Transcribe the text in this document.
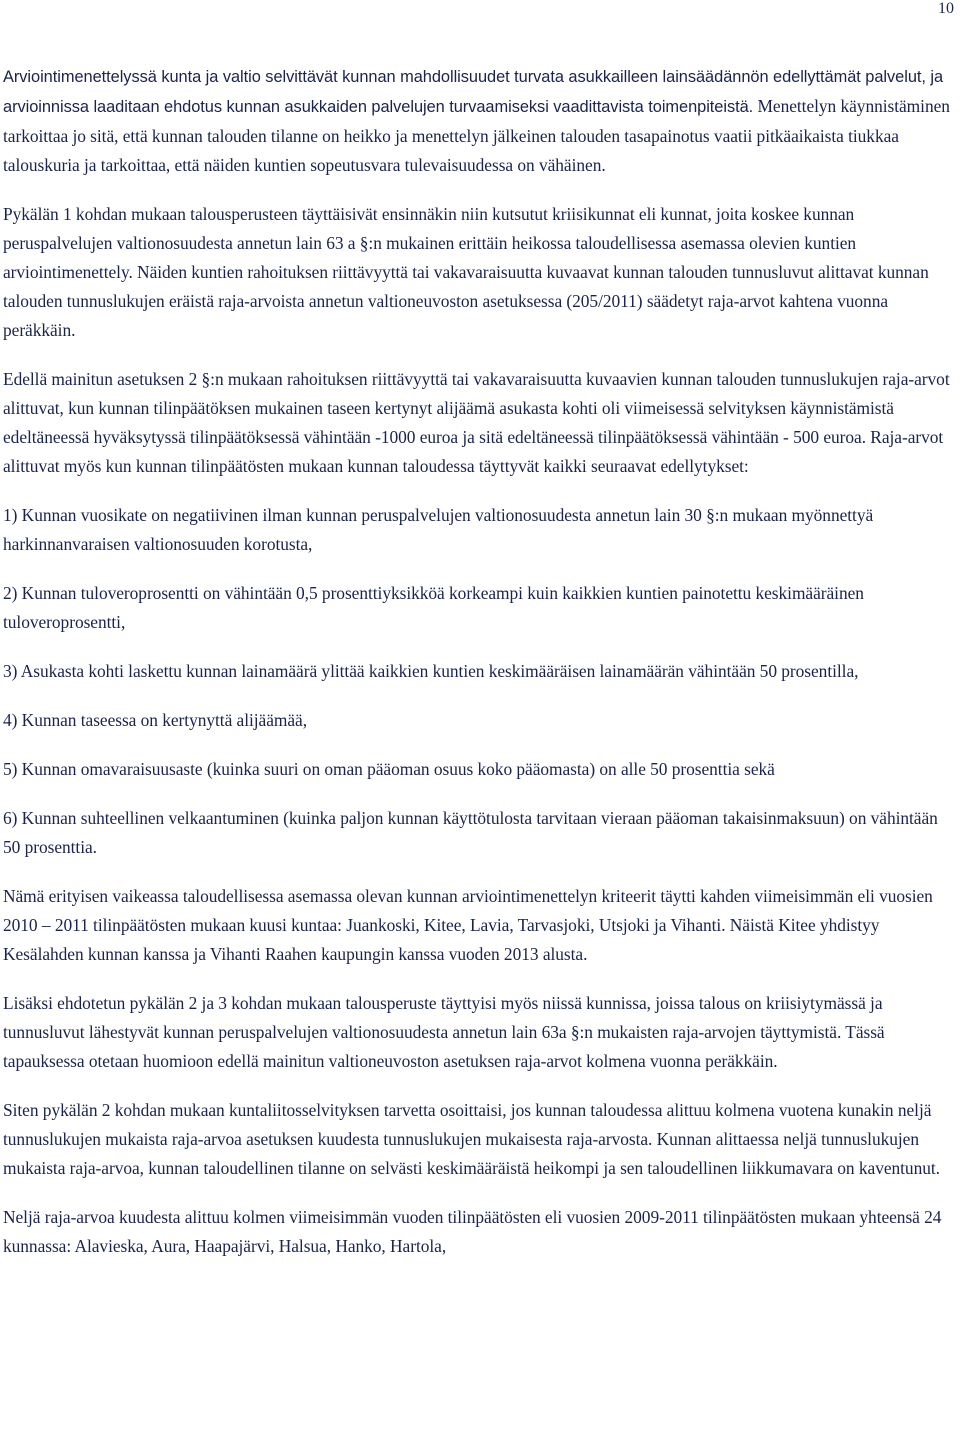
10

Arviointimenettelyssä kunta ja valtio selvittävät kunnan mahdollisuudet turvata asukkailleen lainsäädännön edellyttämät palvelut, ja arvioinnissa laaditaan ehdotus kunnan asukkaiden palvelujen turvaamiseksi vaadittavista toimenpiteistä. Menettelyn käynnistäminen tarkoittaa jo sitä, että kunnan talouden tilanne on heikko ja menettelyn jälkeinen talouden tasapainotus vaatii pitkäaikaista tiukkaa talouskuria ja tarkoittaa, että näiden kuntien sopeutusvara tulevaisuudessa on vähäinen.

Pykälän 1 kohdan mukaan talousperusteen täyttäisivät ensinnäkin niin kutsutut kriisikunnat eli kunnat, joita koskee kunnan peruspalvelujen valtionosuudesta annetun lain 63 a §:n mukainen erittäin heikossa taloudellisessa asemassa olevien kuntien arviointimenettely. Näiden kuntien rahoituksen riittävyyttä tai vakavaraisuutta kuvaavat kunnan talouden tunnusluvut alittavat kunnan talouden tunnuslukujen eräistä raja-arvoista annetun valtioneuvoston asetuksessa (205/2011) säädetyt raja-arvot kahtena vuonna peräkkäin.

Edellä mainitun asetuksen 2 §:n mukaan rahoituksen riittävyyttä tai vakavaraisuutta kuvaavien kunnan talouden tunnuslukujen raja-arvot alittuvat, kun kunnan tilinpäätöksen mukainen taseen kertynyt alijäämä asukasta kohti oli viimeisessä selvityksen käynnistämistä edeltäneessä hyväksytyssä tilinpäätöksessä vähintään -1000 euroa ja sitä edeltäneessä tilinpäätöksessä vähintään - 500 euroa. Raja-arvot alittuvat myös kun kunnan tilinpäätösten mukaan kunnan taloudessa täyttyvät kaikki seuraavat edellytykset:

1) Kunnan vuosikate on negatiivinen ilman kunnan peruspalvelujen valtionosuudesta annetun lain 30 §:n mukaan myönnettyä harkinnanvaraisen valtionosuuden korotusta,

2) Kunnan tuloveroprosentti on vähintään 0,5 prosenttiyksikköä korkeampi kuin kaikkien kuntien painotettu keskimääräinen tuloveroprosentti,

3) Asukasta kohti laskettu kunnan lainamäärä ylittää kaikkien kuntien keskimääräisen lainamäärän vähintään 50 prosentilla,

4) Kunnan taseessa on kertynyttä alijäämää,

5) Kunnan omavaraisuusaste (kuinka suuri on oman pääoman osuus koko pääomasta) on alle 50 prosenttia sekä

6) Kunnan suhteellinen velkaantuminen (kuinka paljon kunnan käyttötulosta tarvitaan vieraan pääoman takaisinmaksuun) on vähintään 50 prosenttia.

Nämä erityisen vaikeassa taloudellisessa asemassa olevan kunnan arviointimenettelyn kriteerit täytti kahden viimeisimmän eli vuosien 2010 – 2011 tilinpäätösten mukaan kuusi kuntaa: Juankoski, Kitee, Lavia, Tarvasjoki, Utsjoki ja Vihanti. Näistä Kitee yhdistyy Kesälahden kunnan kanssa ja Vihanti Raahen kaupungin kanssa vuoden 2013 alusta.

Lisäksi ehdotetun pykälän 2 ja 3 kohdan mukaan talousperuste täyttyisi myös niissä kunnissa, joissa talous on kriisiytymässä ja tunnusluvut lähestyvät kunnan peruspalvelujen valtionosuudesta annetun lain 63a §:n mukaisten raja-arvojen täyttymistä. Tässä tapauksessa otetaan huomioon edellä mainitun valtioneuvoston asetuksen raja-arvot kolmena vuonna peräkkäin.

Siten pykälän 2 kohdan mukaan kuntaliitosselvityksen tarvetta osoittaisi, jos kunnan taloudessa alittuu kolmena vuotena kunakin neljä tunnuslukujen mukaista raja-arvoa asetuksen kuudesta tunnuslukujen mukaisesta raja-arvosta. Kunnan alittaessa neljä tunnuslukujen mukaista raja-arvoa, kunnan taloudellinen tilanne on selvästi keskimääräistä heikompi ja sen taloudellinen liikkumavara on kaventunut.

Neljä raja-arvoa kuudesta alittuu kolmen viimeisimmän vuoden tilinpäätösten eli vuosien 2009-2011 tilinpäätösten mukaan yhteensä 24 kunnassa: Alavieska, Aura, Haapajärvi, Halsua, Hanko, Hartola,
